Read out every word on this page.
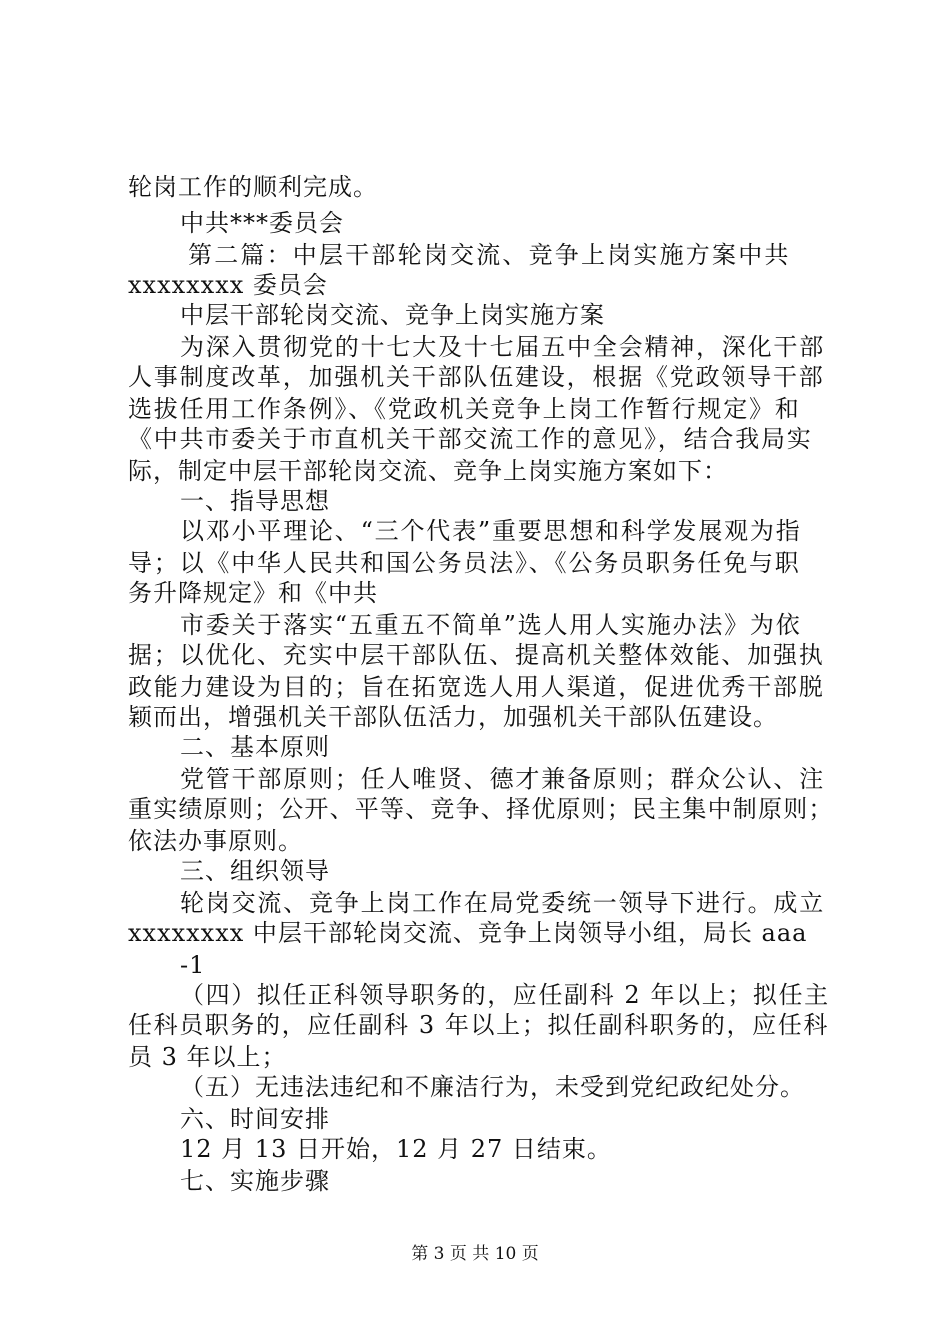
轮岗工作的顺利完成。
中共***委员会
第二篇：中层干部轮岗交流、竞争上岗实施方案中共
xxxxxxxx 委员会
中层干部轮岗交流、竞争上岗实施方案
为深入贯彻党的十七大及十七届五中全会精神，深化干部
人事制度改革，加强机关干部队伍建设，根据《党政领导干部
选拔任用工作条例》、《党政机关竞争上岗工作暂行规定》和
《中共市委关于市直机关干部交流工作的意见》，结合我局实
际，制定中层干部轮岗交流、竞争上岗实施方案如下：
一、指导思想
以邓小平理论、“三个代表”重要思想和科学发展观为指
导；以《中华人民共和国公务员法》、《公务员职务任免与职
务升降规定》和《中共
市委关于落实“五重五不简单”选人用人实施办法》为依
据；以优化、充实中层干部队伍、提高机关整体效能、加强执
政能力建设为目的；旨在拓宽选人用人渠道，促进优秀干部脱
颖而出，增强机关干部队伍活力，加强机关干部队伍建设。
二、基本原则
党管干部原则；任人唯贤、德才兼备原则；群众公认、注
重实绩原则；公开、平等、竞争、择优原则；民主集中制原则；
依法办事原则。
三、组织领导
轮岗交流、竞争上岗工作在局党委统一领导下进行。成立
xxxxxxxx 中层干部轮岗交流、竞争上岗领导小组，局长 aaa
-1
（四）拟任正科领导职务的，应任副科 2 年以上；拟任主
任科员职务的，应任副科 3 年以上；拟任副科职务的，应任科
员 3 年以上；
（五）无违法违纪和不廉洁行为，未受到党纪政纪处分。
六、时间安排
12 月 13 日开始，12 月 27 日结束。
七、实施步骤
第 3 页 共 10 页
